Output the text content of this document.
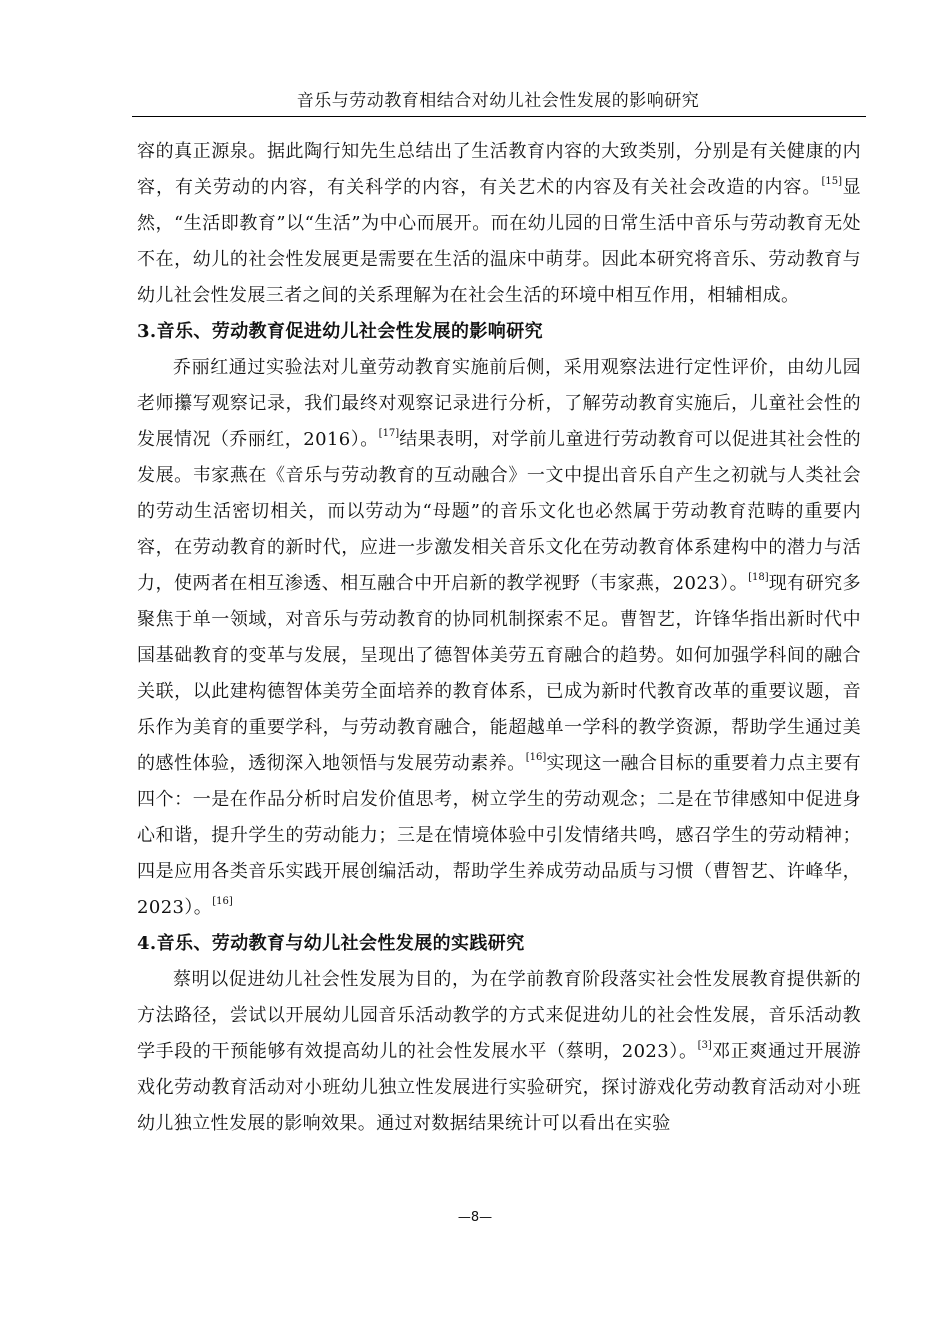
音乐与劳动教育相结合对幼儿社会性发展的影响研究

容的真正源泉。据此陶行知先生总结出了生活教育内容的大致类别，分别是有关健康的内容，有关劳动的内容，有关科学的内容，有关艺术的内容及有关社会改造的内容。[15]显然，“生活即教育”以“生活”为中心而展开。而在幼儿园的日常生活中音乐与劳动教育无处不在，幼儿的社会性发展更是需要在生活的温床中萌芽。因此本研究将音乐、劳动教育与幼儿社会性发展三者之间的关系理解为在社会生活的环境中相互作用，相辅相成。

3.音乐、劳动教育促进幼儿社会性发展的影响研究

乔丽红通过实验法对儿童劳动教育实施前后侧，采用观察法进行定性评价，由幼儿园老师攥写观察记录，我们最终对观察记录进行分析，了解劳动教育实施后，儿童社会性的发展情况（乔丽红，2016）。[17]结果表明，对学前儿童进行劳动教育可以促进其社会性的发展。韦家燕在《音乐与劳动教育的互动融合》一文中提出音乐自产生之初就与人类社会的劳动生活密切相关，而以劳动为“母题”的音乐文化也必然属于劳动教育范畴的重要内容，在劳动教育的新时代，应进一步激发相关音乐文化在劳动教育体系建构中的潜力与活力，使两者在相互渗透、相互融合中开启新的教学视野（韦家燕，2023）。[18]现有研究多聚焦于单一领域，对音乐与劳动教育的协同机制探索不足。曹智艺，许锋华指出新时代中国基础教育的变革与发展，呈现出了德智体美劳五育融合的趋势。如何加强学科间的融合关联，以此建构德智体美劳全面培养的教育体系，已成为新时代教育改革的重要议题，音乐作为美育的重要学科，与劳动教育融合，能超越单一学科的教学资源，帮助学生通过美的感性体验，透彻深入地领悟与发展劳动素养。[16]实现这一融合目标的重要着力点主要有四个：一是在作品分析时启发价值思考，树立学生的劳动观念；二是在节律感知中促进身心和谐，提升学生的劳动能力；三是在情境体验中引发情绪共鸣，感召学生的劳动精神；四是应用各类音乐实践开展创编活动，帮助学生养成劳动品质与习惯（曹智艺、许峰华，2023）。[16]

4.音乐、劳动教育与幼儿社会性发展的实践研究

蔡明以促进幼儿社会性发展为目的，为在学前教育阶段落实社会性发展教育提供新的方法路径，尝试以开展幼儿园音乐活动教学的方式来促进幼儿的社会性发展，音乐活动教学手段的干预能够有效提高幼儿的社会性发展水平（蔡明，2023）。[3]邓正爽通过开展游戏化劳动教育活动对小班幼儿独立性发展进行实验研究，探讨游戏化劳动教育活动对小班幼儿独立性发展的影响效果。通过对数据结果统计可以看出在实验

—8—
